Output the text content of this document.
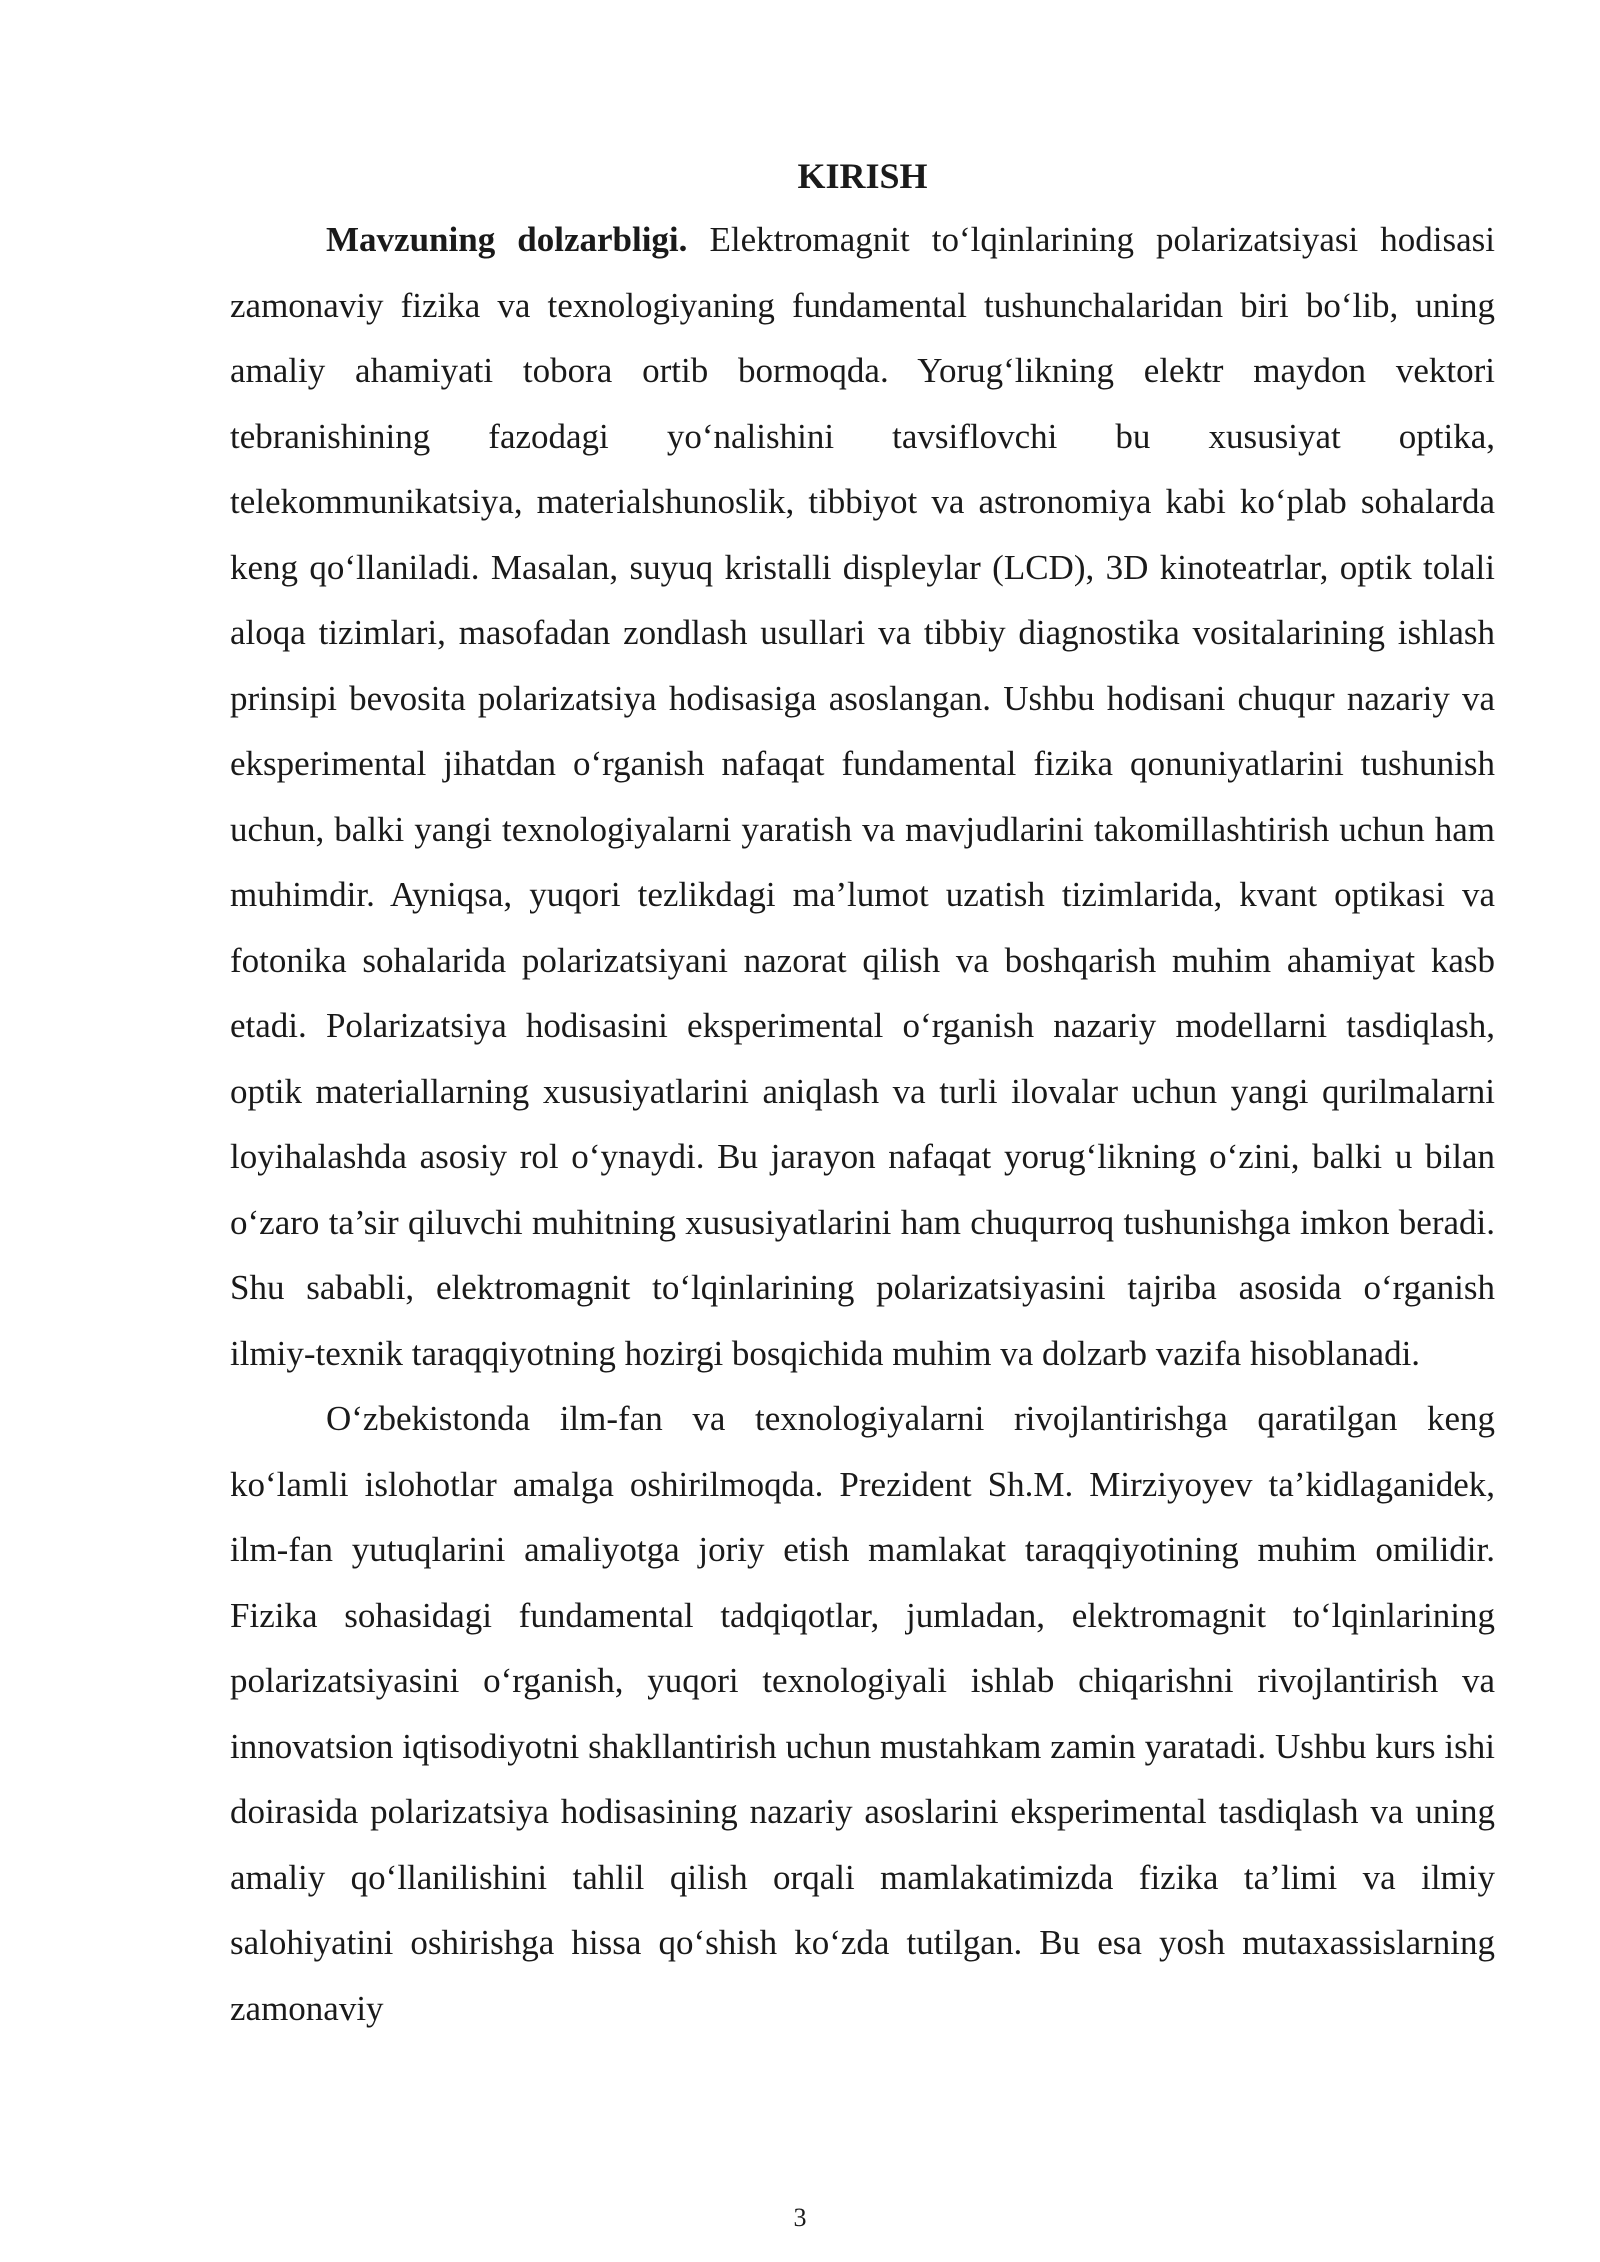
KIRISH

Mavzuning dolzarbligi. Elektromagnit to‘lqinlarining polarizatsiyasi hodisasi zamonaviy fizika va texnologiyaning fundamental tushunchalaridan biri bo‘lib, uning amaliy ahamiyati tobora ortib bormoqda. Yorug‘likning elektr maydon vektori tebranishining fazodagi yo‘nalishini tavsiflovchi bu xususiyat optika, telekommunikatsiya, materialshunoslik, tibbiyot va astronomiya kabi ko‘plab sohalarda keng qo‘llaniladi. Masalan, suyuq kristalli displeylar (LCD), 3D kinoteatrlar, optik tolali aloqa tizimlari, masofadan zondlash usullari va tibbiy diagnostika vositalarining ishlash prinsipi bevosita polarizatsiya hodisasiga asoslangan. Ushbu hodisani chuqur nazariy va eksperimental jihatdan o‘rganish nafaqat fundamental fizika qonuniyatlarini tushunish uchun, balki yangi texnologiyalarni yaratish va mavjudlarini takomillashtirish uchun ham muhimdir. Ayniqsa, yuqori tezlikdagi ma’lumot uzatish tizimlarida, kvant optikasi va fotonika sohalarida polarizatsiyani nazorat qilish va boshqarish muhim ahamiyat kasb etadi. Polarizatsiya hodisasini eksperimental o‘rganish nazariy modellarni tasdiqlash, optik materiallarning xususiyatlarini aniqlash va turli ilovalar uchun yangi qurilmalarni loyihalashda asosiy rol o‘ynaydi. Bu jarayon nafaqat yorug‘likning o‘zini, balki u bilan o‘zaro ta’sir qiluvchi muhitning xususiyatlarini ham chuqurroq tushunishga imkon beradi. Shu sababli, elektromagnit to‘lqinlarining polarizatsiyasini tajriba asosida o‘rganish ilmiy-texnik taraqqiyotning hozirgi bosqichida muhim va dolzarb vazifa hisoblanadi.

O‘zbekistonda ilm-fan va texnologiyalarni rivojlantirishga qaratilgan keng ko‘lamli islohotlar amalga oshirilmoqda. Prezident Sh.M. Mirziyoyev ta’kidlaganidek, ilm-fan yutuqlarini amaliyotga joriy etish mamlakat taraqqiyotining muhim omilidir. Fizika sohasidagi fundamental tadqiqotlar, jumladan, elektromagnit to‘lqinlarining polarizatsiyasini o‘rganish, yuqori texnologiyali ishlab chiqarishni rivojlantirish va innovatsion iqtisodiyotni shakllantirish uchun mustahkam zamin yaratadi. Ushbu kurs ishi doirasida polarizatsiya hodisasining nazariy asoslarini eksperimental tasdiqlash va uning amaliy qo‘llanilishini tahlil qilish orqali mamlakatimizda fizika ta’limi va ilmiy salohiyatini oshirishga hissa qo‘shish ko‘zda tutilgan. Bu esa yosh mutaxassislarning zamonaviy

3
